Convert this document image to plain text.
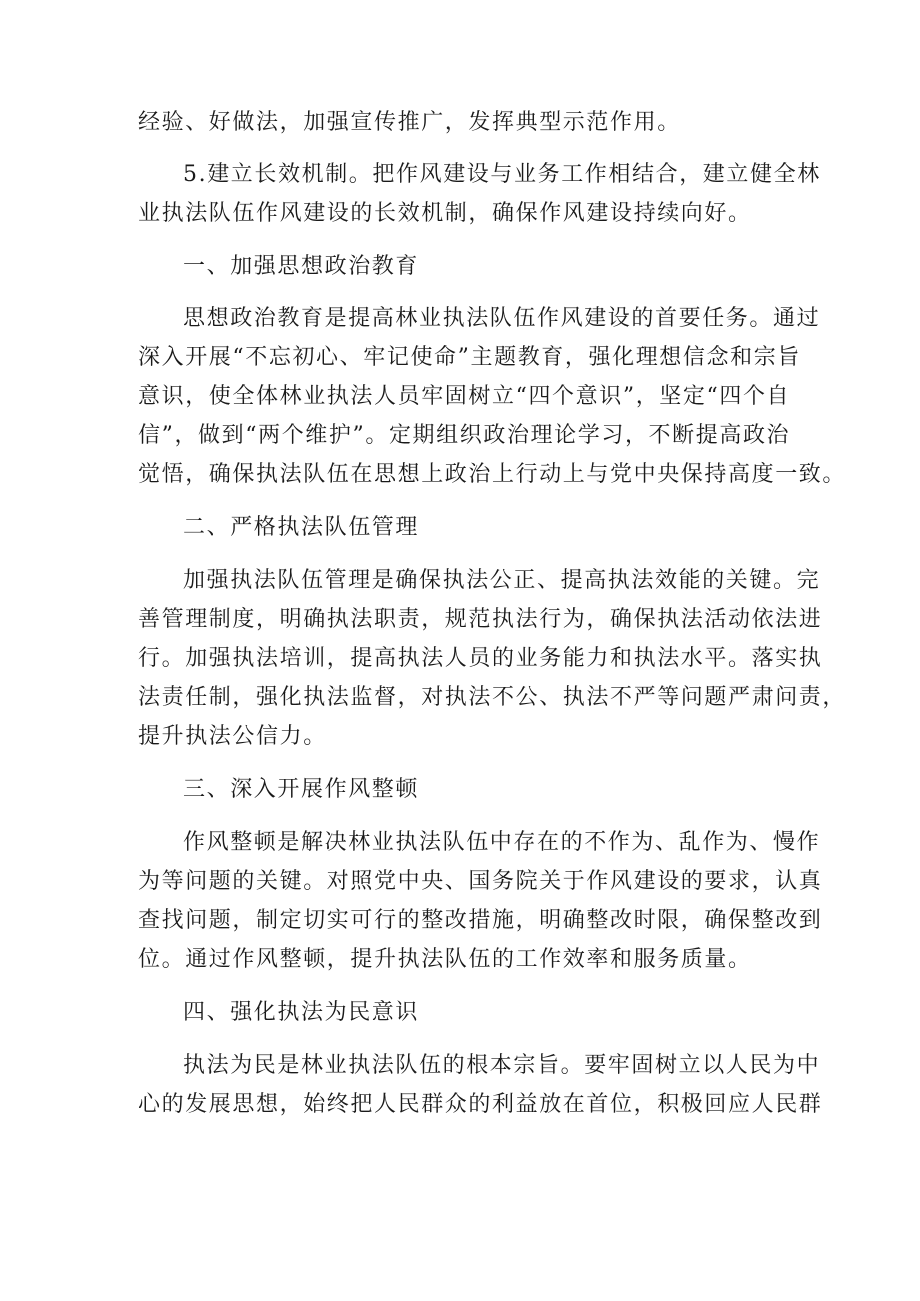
经验、好做法，加强宣传推广，发挥典型示范作用。
5.建立长效机制。把作风建设与业务工作相结合，建立健全林
业执法队伍作风建设的长效机制，确保作风建设持续向好。
一、加强思想政治教育
思想政治教育是提高林业执法队伍作风建设的首要任务。通过
深入开展“不忘初心、牢记使命”主题教育，强化理想信念和宗旨
意识，使全体林业执法人员牢固树立“四个意识”，坚定“四个自
信”，做到“两个维护”。定期组织政治理论学习，不断提高政治
觉悟，确保执法队伍在思想上政治上行动上与党中央保持高度一致。
二、严格执法队伍管理
加强执法队伍管理是确保执法公正、提高执法效能的关键。完
善管理制度，明确执法职责，规范执法行为，确保执法活动依法进
行。加强执法培训，提高执法人员的业务能力和执法水平。落实执
法责任制，强化执法监督，对执法不公、执法不严等问题严肃问责，
提升执法公信力。
三、深入开展作风整顿
作风整顿是解决林业执法队伍中存在的不作为、乱作为、慢作
为等问题的关键。对照党中央、国务院关于作风建设的要求，认真
查找问题，制定切实可行的整改措施，明确整改时限，确保整改到
位。通过作风整顿，提升执法队伍的工作效率和服务质量。
四、强化执法为民意识
执法为民是林业执法队伍的根本宗旨。要牢固树立以人民为中
心的发展思想，始终把人民群众的利益放在首位，积极回应人民群
